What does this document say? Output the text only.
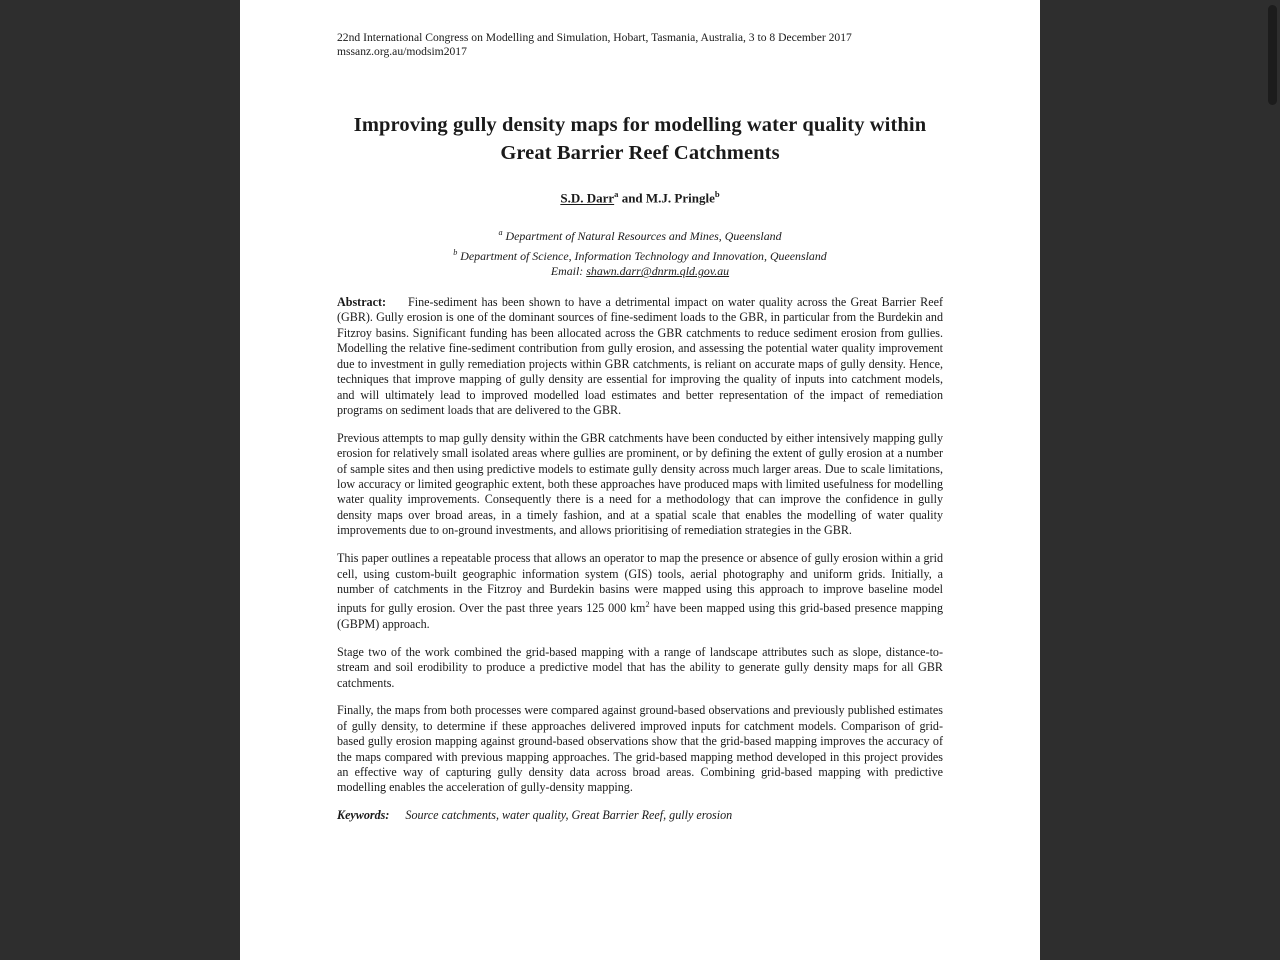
22nd International Congress on Modelling and Simulation, Hobart, Tasmania, Australia, 3 to 8 December 2017
mssanz.org.au/modsim2017
Improving gully density maps for modelling water quality within Great Barrier Reef Catchments
S.D. Darr$^a$ and M.J. Pringle$^b$
$^a$ Department of Natural Resources and Mines, Queensland
$^b$ Department of Science, Information Technology and Innovation, Queensland
Email: shawn.darr@dnrm.qld.gov.au

Abstract: Fine-sediment has been shown to have a detrimental impact on water quality across the Great Barrier Reef (GBR). Gully erosion is one of the dominant sources of fine-sediment loads to the GBR, in particular from the Burdekin and Fitzroy basins. Significant funding has been allocated across the GBR catchments to reduce sediment erosion from gullies. Modelling the relative fine-sediment contribution from gully erosion, and assessing the potential water quality improvement due to investment in gully remediation projects within GBR catchments, is reliant on accurate maps of gully density. Hence, techniques that improve mapping of gully density are essential for improving the quality of inputs into catchment models, and will ultimately lead to improved modelled load estimates and better representation of the impact of remediation programs on sediment loads that are delivered to the GBR.

Previous attempts to map gully density within the GBR catchments have been conducted by either intensively mapping gully erosion for relatively small isolated areas where gullies are prominent, or by defining the extent of gully erosion at a number of sample sites and then using predictive models to estimate gully density across much larger areas. Due to scale limitations, low accuracy or limited geographic extent, both these approaches have produced maps with limited usefulness for modelling water quality improvements. Consequently there is a need for a methodology that can improve the confidence in gully density maps over broad areas, in a timely fashion, and at a spatial scale that enables the modelling of water quality improvements due to on-ground investments, and allows prioritising of remediation strategies in the GBR.

This paper outlines a repeatable process that allows an operator to map the presence or absence of gully erosion within a grid cell, using custom-built geographic information system (GIS) tools, aerial photography and uniform grids. Initially, a number of catchments in the Fitzroy and Burdekin basins were mapped using this approach to improve baseline model inputs for gully erosion. Over the past three years 125 000 $km^2$ have been mapped using this grid-based presence mapping (GBPM) approach.

Stage two of the work combined the grid-based mapping with a range of landscape attributes such as slope, distance-to-stream and soil erodibility to produce a predictive model that has the ability to generate gully density maps for all GBR catchments.

Finally, the maps from both processes were compared against ground-based observations and previously published estimates of gully density, to determine if these approaches delivered improved inputs for catchment models. Comparison of grid-based gully erosion mapping against ground-based observations show that the grid-based mapping improves the accuracy of the maps compared with previous mapping approaches. The grid-based mapping method developed in this project provides an effective way of capturing gully density data across broad areas. Combining grid-based mapping with predictive modelling enables the acceleration of gully-density mapping.

Keywords: Source catchments, water quality, Great Barrier Reef, gully erosion
